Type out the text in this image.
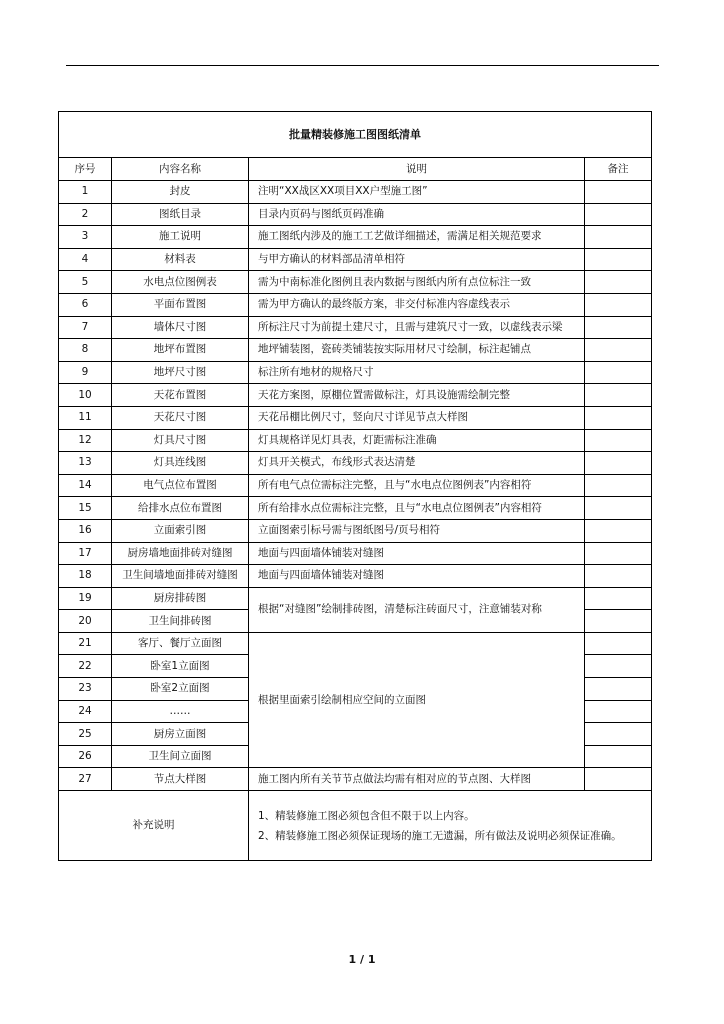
批量精装修施工图图纸清单			
序号	内容名称	说明	备注
1	封皮	注明“XX战区XX项目XX户型施工图”	
2	图纸目录	目录内页码与图纸页码准确	
3	施工说明	施工图纸内涉及的施工工艺做详细描述，需满足相关规范要求	
4	材料表	与甲方确认的材料部品清单相符	
5	水电点位图例表	需为中南标准化图例且表内数据与图纸内所有点位标注一致	
6	平面布置图	需为甲方确认的最终版方案，非交付标准内容虚线表示	
7	墙体尺寸图	所标注尺寸为前提土建尺寸，且需与建筑尺寸一致，以虚线表示梁	
8	地坪布置图	地坪铺装图，瓷砖类铺装按实际用材尺寸绘制，标注起铺点	
9	地坪尺寸图	标注所有地材的规格尺寸	
10	天花布置图	天花方案图，原棚位置需做标注，灯具设施需绘制完整	
11	天花尺寸图	天花吊棚比例尺寸，竖向尺寸详见节点大样图	
12	灯具尺寸图	灯具规格详见灯具表，灯距需标注准确	
13	灯具连线图	灯具开关模式，布线形式表达清楚	
14	电气点位布置图	所有电气点位需标注完整，且与“水电点位图例表”内容相符	
15	给排水点位布置图	所有给排水点位需标注完整，且与“水电点位图例表”内容相符	
16	立面索引图	立面图索引标号需与图纸图号/页号相符	
17	厨房墙地面排砖对缝图	地面与四面墙体铺装对缝图	
18	卫生间墙地面排砖对缝图	地面与四面墙体铺装对缝图	
19	厨房排砖图	根据“对缝图”绘制排砖图，清楚标注砖面尺寸，注意铺装对称	
20	卫生间排砖图		
21	客厅、餐厅立面图	根据里面索引绘制相应空间的立面图	
22	卧室1立面图		
23	卧室2立面图		
24	……		
25	厨房立面图		
26	卫生间立面图		
27	节点大样图	施工图内所有关节节点做法均需有相对应的节点图、大样图	
补充说明		1、精装修施工图必须包含但不限于以上内容。
2、精装修施工图必须保证现场的施工无遗漏，所有做法及说明必须保证准确。	
1 / 1
